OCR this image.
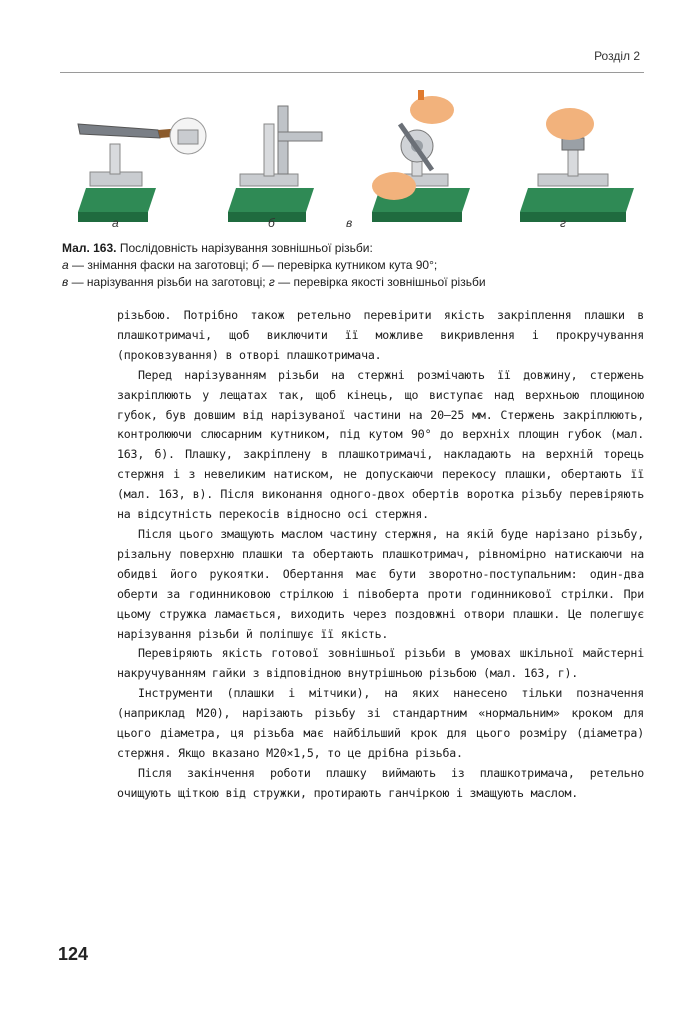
Розділ 2
а	б	в	г
Мал. 163. Послідовність нарізування зовнішньої різьби:
а — знімання фаски на заготовці; б — перевірка кутником кута 90°;
в — нарізування різьби на заготовці; г — перевірка якості зовнішньої різьби

різьбою. Потрібно також ретельно перевірити якість закріплення плашки в плашкотримачі, щоб виключити її можливе викривлення і прокручування (проковзування) в отворі плашкотримача.

Перед нарізуванням різьби на стержні розмічають її довжину, стержень закріплюють у лещатах так, щоб кінець, що виступає над верхньою площиною губок, був довшим від нарізуваної частини на 20–25 мм. Стержень закріплюють, контролюючи слюсарним кутником, під кутом 90° до верхніх площин губок (мал. 163, б). Плашку, закріплену в плашкотримачі, накладають на верхній торець стержня і з невеликим натиском, не допускаючи перекосу плашки, обертають її (мал. 163, в). Після виконання одного-двох обертів воротка різьбу перевіряють на відсутність перекосів відносно осі стержня.

Після цього змащують маслом частину стержня, на якій буде нарізано різьбу, різальну поверхню плашки та обертають плашкотримач, рівномірно натискаючи на обидві його рукоятки. Обертання має бути зворотно-поступальним: один-два оберти за годинниковою стрілкою і півоберта проти годинникової стрілки. При цьому стружка ламається, виходить через поздовжні отвори плашки. Це полегшує нарізування різьби й поліпшує її якість.

Перевіряють якість готової зовнішньої різьби в умовах шкільної майстерні накручуванням гайки з відповідною внутрішньою різьбою (мал. 163, г).

Інструменти (плашки і мітчики), на яких нанесено тільки позначення (наприклад М20), нарізають різьбу зі стандартним «нормальним» кроком для цього діаметра, ця різьба має найбільший крок для цього розміру (діаметра) стержня. Якщо вказано М20×1,5, то це дрібна різьба.

Після закінчення роботи плашку виймають із плашкотримача, ретельно очищують щіткою від стружки, протирають ганчіркою і змащують маслом.

124
